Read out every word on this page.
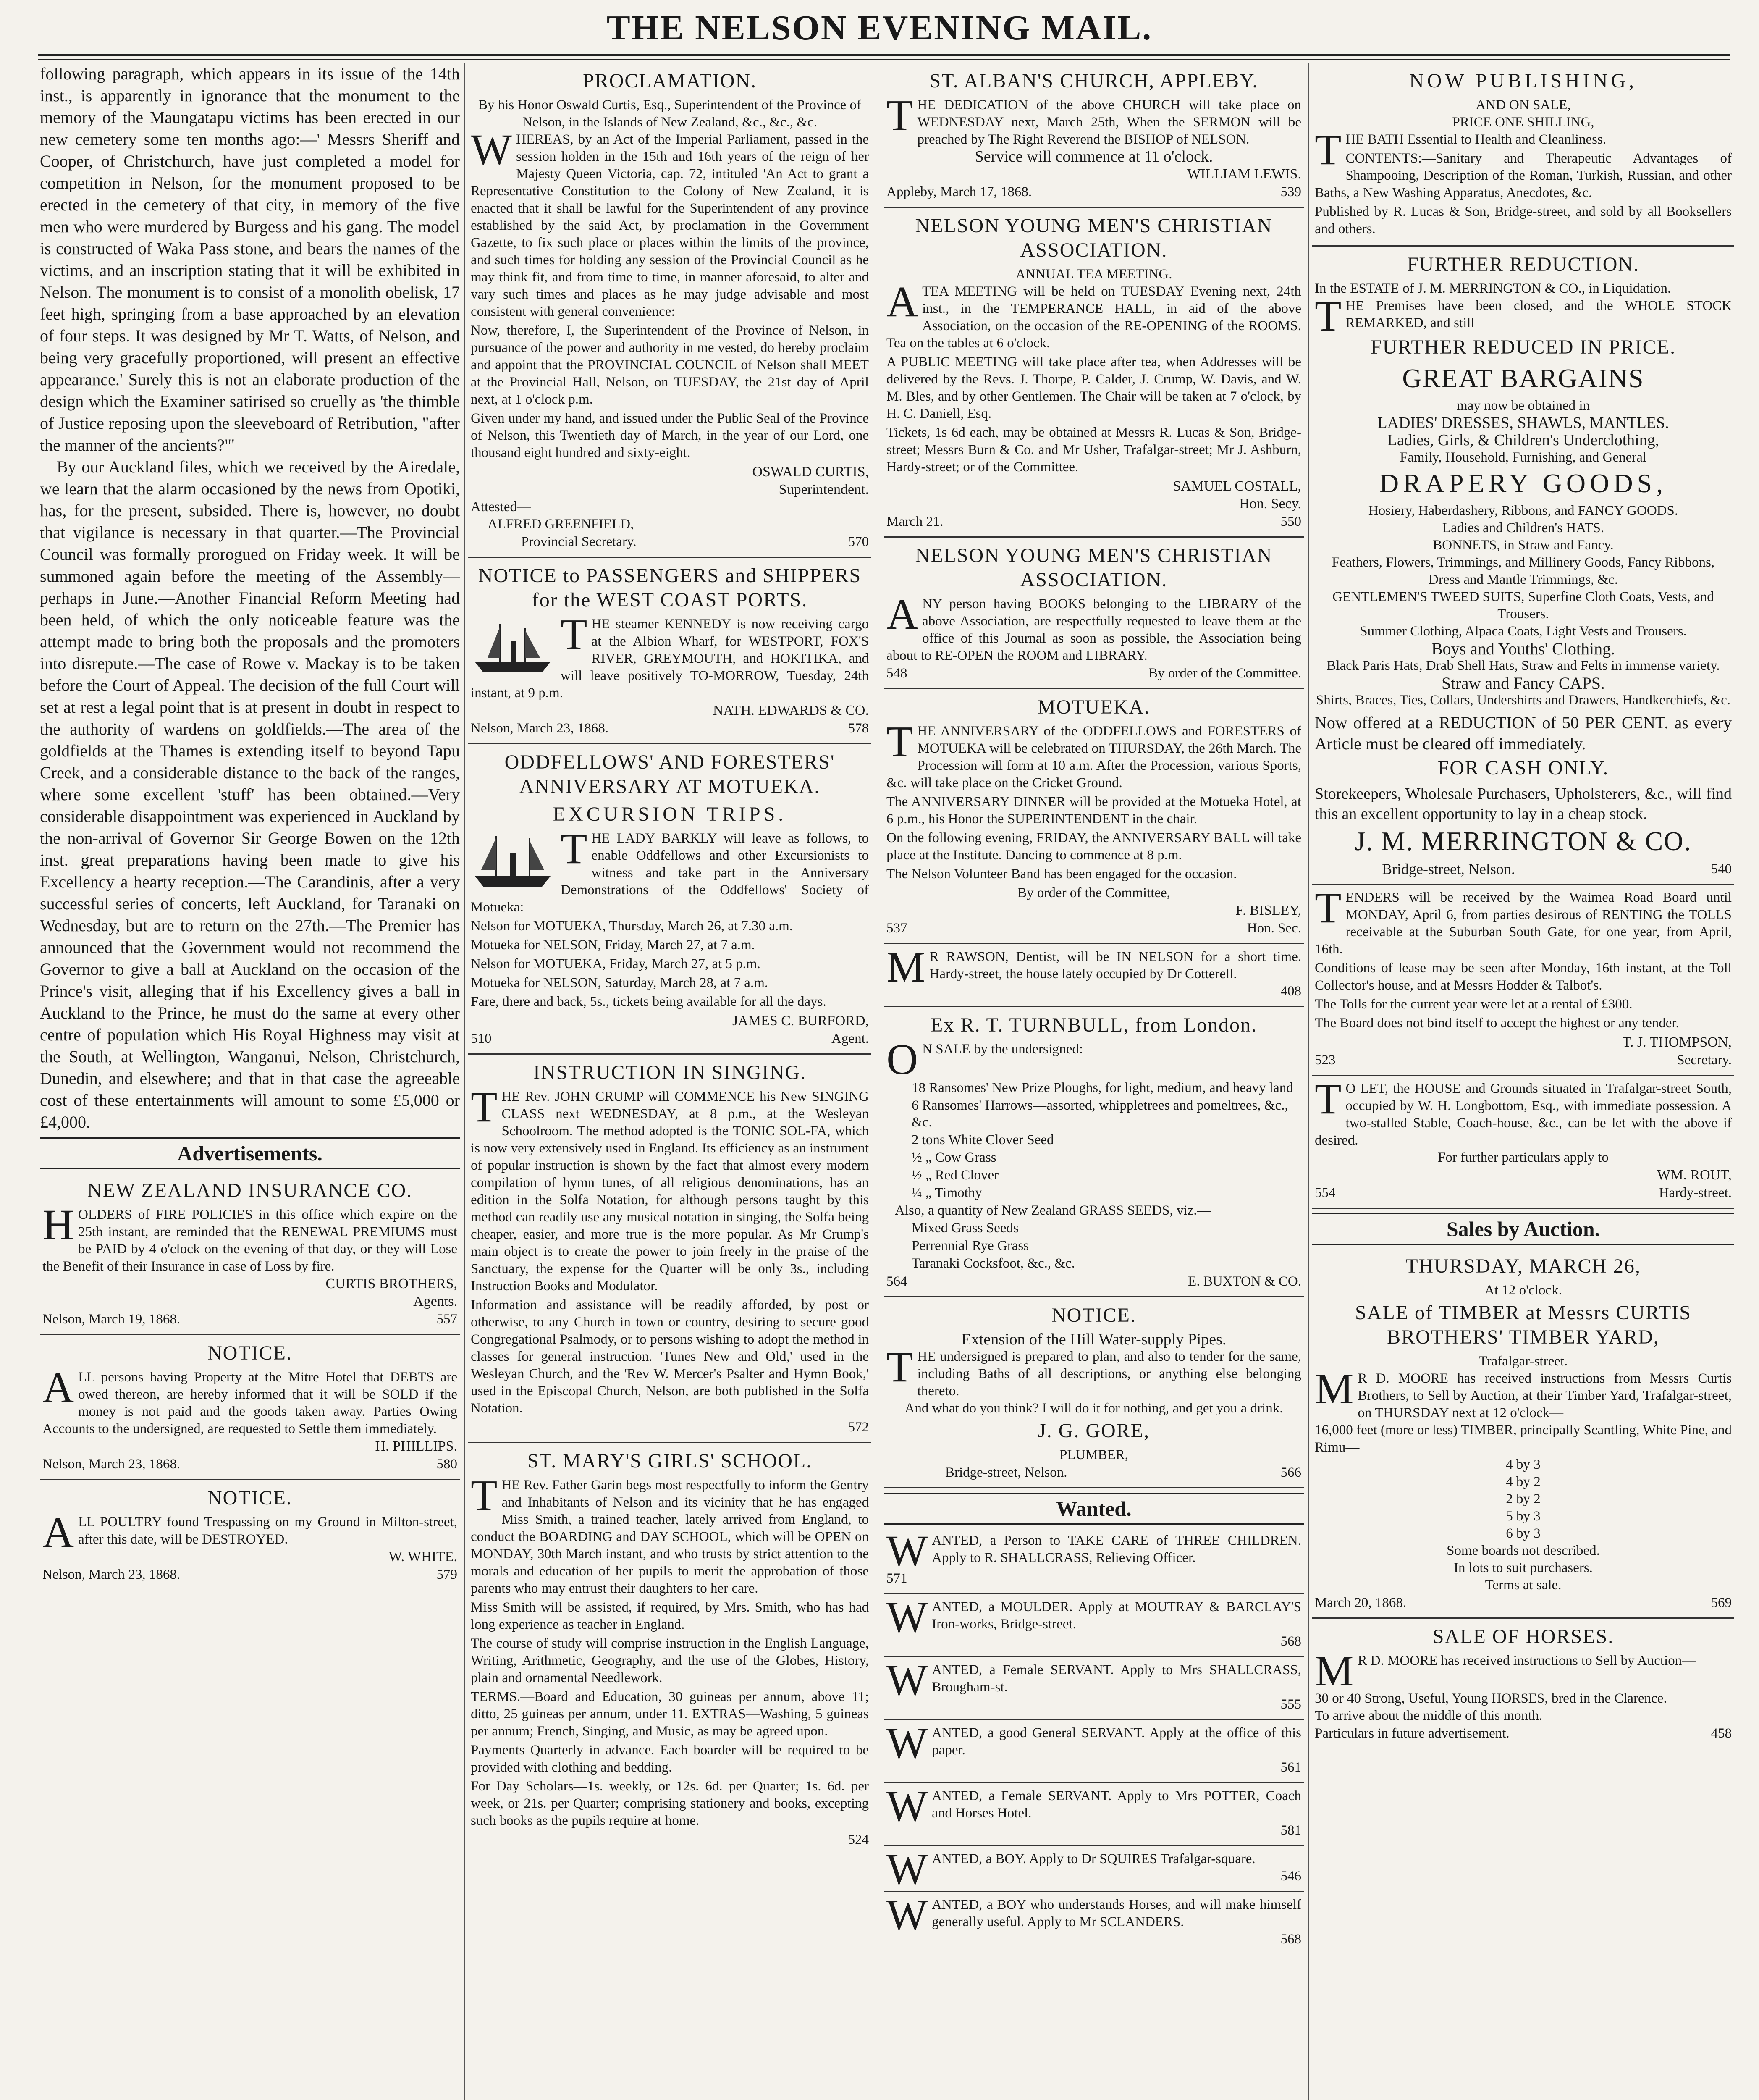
THE NELSON EVENING MAIL.

following paragraph, which appears in its issue of the 14th inst., is apparently in ignorance that the monument to the memory of the Maungatapu victims has been erected in our new cemetery some ten months ago:—' Messrs Sheriff and Cooper, of Christchurch, have just completed a model for competition in Nelson, for the monument proposed to be erected in the cemetery of that city, in memory of the five men who were murdered by Burgess and his gang. The model is constructed of Waka Pass stone, and bears the names of the victims, and an inscription stating that it will be exhibited in Nelson. The monument is to consist of a monolith obelisk, 17 feet high, springing from a base approached by an elevation of four steps. It was designed by Mr T. Watts, of Nelson, and being very gracefully proportioned, will present an effective appearance.' Surely this is not an elaborate production of the design which the Examiner satirised so cruelly as 'the thimble of Justice reposing upon the sleeveboard of Retribution, "after the manner of the ancients?"'

By our Auckland files, which we received by the Airedale, we learn that the alarm occasioned by the news from Opotiki, has, for the present, subsided. There is, however, no doubt that vigilance is necessary in that quarter.—The Provincial Council was formally prorogued on Friday week. It will be summoned again before the meeting of the Assembly—perhaps in June.—Another Financial Reform Meeting had been held, of which the only noticeable feature was the attempt made to bring both the proposals and the promoters into disrepute.—The case of Rowe v. Mackay is to be taken before the Court of Appeal. The decision of the full Court will set at rest a legal point that is at present in doubt in respect to the authority of wardens on goldfields.—The area of the goldfields at the Thames is extending itself to beyond Tapu Creek, and a considerable distance to the back of the ranges, where some excellent 'stuff' has been obtained.—Very considerable disappointment was experienced in Auckland by the non-arrival of Governor Sir George Bowen on the 12th inst. great preparations having been made to give his Excellency a hearty reception.—The Carandinis, after a very successful series of concerts, left Auckland, for Taranaki on Wednesday, but are to return on the 27th.—The Premier has announced that the Government would not recommend the Governor to give a ball at Auckland on the occasion of the Prince's visit, alleging that if his Excellency gives a ball in Auckland to the Prince, he must do the same at every other centre of population which His Royal Highness may visit at the South, at Wellington, Wanganui, Nelson, Christchurch, Dunedin, and elsewhere; and that in that case the agreeable cost of these entertainments will amount to some £5,000 or £4,000.

Advertisements.
NEW ZEALAND INSURANCE CO.
HOLDERS of FIRE POLICIES in this office which expire on the 25th instant, are reminded that the RENEWAL PREMIUMS must be PAID by 4 o'clock on the evening of that day, or they will Lose the Benefit of their Insurance in case of Loss by fire.
CURTIS BROTHERS,
Agents.
Nelson, March 19, 1868.	557
NOTICE.
ALL persons having Property at the Mitre Hotel that DEBTS are owed thereon, are hereby informed that it will be SOLD if the money is not paid and the goods taken away. Parties Owing Accounts to the undersigned, are requested to Settle them immediately.
H. PHILLIPS.
Nelson, March 23, 1868.	580
NOTICE.
ALL POULTRY found Trespassing on my Ground in Milton-street, after this date, will be DESTROYED.
W. WHITE.
Nelson, March 23, 1868.	579
PROCLAMATION.
By his Honor Oswald Curtis, Esq., Superintendent of the Province of Nelson, in the Islands of New Zealand, &c., &c., &c.
WHEREAS, by an Act of the Imperial Parliament, passed in the session holden in the 15th and 16th years of the reign of her Majesty Queen Victoria, cap. 72, intituled 'An Act to grant a Representative Constitution to the Colony of New Zealand, it is enacted that it shall be lawful for the Superintendent of any province established by the said Act, by proclamation in the Government Gazette, to fix such place or places within the limits of the province, and such times for holding any session of the Provincial Council as he may think fit, and from time to time, in manner aforesaid, to alter and vary such times and places as he may judge advisable and most consistent with general convenience:

Now, therefore, I, the Superintendent of the Province of Nelson, in pursuance of the power and authority in me vested, do hereby proclaim and appoint that the PROVINCIAL COUNCIL of Nelson shall MEET at the Provincial Hall, Nelson, on TUESDAY, the 21st day of April next, at 1 o'clock p.m.

Given under my hand, and issued under the Public Seal of the Province of Nelson, this Twentieth day of March, in the year of our Lord, one thousand eight hundred and sixty-eight.

OSWALD CURTIS,
Superintendent.
Attested—
ALFRED GREENFIELD,
Provincial Secretary.	570
NOTICE to PASSENGERS and SHIPPERS for the WEST COAST PORTS.
THE steamer KENNEDY is now receiving cargo at the Albion Wharf, for WESTPORT, FOX'S RIVER, GREYMOUTH, and HOKITIKA, and will leave positively TO-MORROW, Tuesday, 24th instant, at 9 p.m.
NATH. EDWARDS & CO.
Nelson, March 23, 1868.	578
ODDFELLOWS' AND FORESTERS' ANNIVERSARY AT MOTUEKA.
EXCURSION TRIPS.
THE LADY BARKLY will leave as follows, to enable Oddfellows and other Excursionists to witness and take part in the Anniversary Demonstrations of the Oddfellows' Society of Motueka:—

Nelson for MOTUEKA, Thursday, March 26, at 7.30 a.m.

Motueka for NELSON, Friday, March 27, at 7 a.m.

Nelson for MOTUEKA, Friday, March 27, at 5 p.m.

Motueka for NELSON, Saturday, March 28, at 7 a.m.

Fare, there and back, 5s., tickets being available for all the days.

JAMES C. BURFORD,
510	Agent.
INSTRUCTION IN SINGING.
THE Rev. JOHN CRUMP will COMMENCE his New SINGING CLASS next WEDNESDAY, at 8 p.m., at the Wesleyan Schoolroom. The method adopted is the TONIC SOL-FA, which is now very extensively used in England. Its efficiency as an instrument of popular instruction is shown by the fact that almost every modern compilation of hymn tunes, of all religious denominations, has an edition in the Solfa Notation, for although persons taught by this method can readily use any musical notation in singing, the Solfa being cheaper, easier, and more true is the more popular. As Mr Crump's main object is to create the power to join freely in the praise of the Sanctuary, the expense for the Quarter will be only 3s., including Instruction Books and Modulator.

Information and assistance will be readily afforded, by post or otherwise, to any Church in town or country, desiring to secure good Congregational Psalmody, or to persons wishing to adopt the method in classes for general instruction. 'Tunes New and Old,' used in the Wesleyan Church, and the 'Rev W. Mercer's Psalter and Hymn Book,' used in the Episcopal Church, Nelson, are both published in the Solfa Notation.

572
ST. MARY'S GIRLS' SCHOOL.
THE Rev. Father Garin begs most respectfully to inform the Gentry and Inhabitants of Nelson and its vicinity that he has engaged Miss Smith, a trained teacher, lately arrived from England, to conduct the BOARDING and DAY SCHOOL, which will be OPEN on MONDAY, 30th March instant, and who trusts by strict attention to the morals and education of her pupils to merit the approbation of those parents who may entrust their daughters to her care.

Miss Smith will be assisted, if required, by Mrs. Smith, who has had long experience as teacher in England.

The course of study will comprise instruction in the English Language, Writing, Arithmetic, Geography, and the use of the Globes, History, plain and ornamental Needlework.

TERMS.—Board and Education, 30 guineas per annum, above 11; ditto, 25 guineas per annum, under 11. EXTRAS—Washing, 5 guineas per annum; French, Singing, and Music, as may be agreed upon.

Payments Quarterly in advance. Each boarder will be required to be provided with clothing and bedding.

For Day Scholars—1s. weekly, or 12s. 6d. per Quarter; 1s. 6d. per week, or 21s. per Quarter; comprising stationery and books, excepting such books as the pupils require at home.

524
ST. ALBAN'S CHURCH, APPLEBY.
THE DEDICATION of the above CHURCH will take place on WEDNESDAY next, March 25th, When the SERMON will be preached by The Right Reverend the BISHOP of NELSON.
Service will commence at 11 o'clock.
WILLIAM LEWIS.
Appleby, March 17, 1868.	539
NELSON YOUNG MEN'S CHRISTIAN ASSOCIATION.
ANNUAL TEA MEETING.
ATEA MEETING will be held on TUESDAY Evening next, 24th inst., in the TEMPERANCE HALL, in aid of the above Association, on the occasion of the RE-OPENING of the ROOMS. Tea on the tables at 6 o'clock.

A PUBLIC MEETING will take place after tea, when Addresses will be delivered by the Revs. J. Thorpe, P. Calder, J. Crump, W. Davis, and W. M. Bles, and by other Gentlemen. The Chair will be taken at 7 o'clock, by H. C. Daniell, Esq.

Tickets, 1s 6d each, may be obtained at Messrs R. Lucas & Son, Bridge-street; Messrs Burn & Co. and Mr Usher, Trafalgar-street; Mr J. Ashburn, Hardy-street; or of the Committee.

SAMUEL COSTALL,
Hon. Secy.
March 21.	550
NELSON YOUNG MEN'S CHRISTIAN ASSOCIATION.
ANY person having BOOKS belonging to the LIBRARY of the above Association, are respectfully requested to leave them at the office of this Journal as soon as possible, the Association being about to RE-OPEN the ROOM and LIBRARY.
548	By order of the Committee.
MOTUEKA.
THE ANNIVERSARY of the ODDFELLOWS and FORESTERS of MOTUEKA will be celebrated on THURSDAY, the 26th March. The Procession will form at 10 a.m. After the Procession, various Sports, &c. will take place on the Cricket Ground.

The ANNIVERSARY DINNER will be provided at the Motueka Hotel, at 6 p.m., his Honor the SUPERINTENDENT in the chair.

On the following evening, FRIDAY, the ANNIVERSARY BALL will take place at the Institute. Dancing to commence at 8 p.m.

The Nelson Volunteer Band has been engaged for the occasion.

By order of the Committee,
F. BISLEY,
537	Hon. Sec.
M R RAWSON, Dentist, will be IN NELSON for a short time. Hardy-street, the house lately occupied by Dr Cotterell.
408
Ex R. T. TURNBULL, from London.
O N SALE by the undersigned:—
18 Ransomes' New Prize Ploughs, for light, medium, and heavy land
6 Ransomes' Harrows—assorted, whippletrees and pomeltrees, &c., &c.
2 tons White Clover Seed
½ „ Cow Grass
½ „ Red Clover
¼ „ Timothy
Also, a quantity of New Zealand GRASS SEEDS, viz.—
Mixed Grass Seeds
Perrennial Rye Grass
Taranaki Cocksfoot, &c., &c.
564	E. BUXTON & CO.
NOTICE.
Extension of the Hill Water-supply Pipes.
THE undersigned is prepared to plan, and also to tender for the same, including Baths of all descriptions, or anything else belonging thereto.
And what do you think? I will do it for nothing, and get you a drink.
J. G. GORE,
PLUMBER,
Bridge-street, Nelson.	566
Wanted.
WANTED, a Person to TAKE CARE of THREE CHILDREN. Apply to R. SHALLCRASS, Relieving Officer.
571
WANTED, a MOULDER. Apply at MOUTRAY & BARCLAY'S Iron-works, Bridge-street.
568
WANTED, a Female SERVANT. Apply to Mrs SHALLCRASS, Brougham-st.
555
WANTED, a good General SERVANT. Apply at the office of this paper.
561
WANTED, a Female SERVANT. Apply to Mrs POTTER, Coach and Horses Hotel.
581
WANTED, a BOY. Apply to Dr SQUIRES Trafalgar-square.
546
WANTED, a BOY who understands Horses, and will make himself generally useful. Apply to Mr SCLANDERS.
568
NOW PUBLISHING,
AND ON SALE,
PRICE ONE SHILLING,
THE BATH Essential to Health and Cleanliness.

CONTENTS:—Sanitary and Therapeutic Advantages of Shampooing, Description of the Roman, Turkish, Russian, and other Baths, a New Washing Apparatus, Anecdotes, &c.

Published by R. Lucas & Son, Bridge-street, and sold by all Booksellers and others.

FURTHER REDUCTION.
In the ESTATE of J. M. MERRINGTON & CO., in Liquidation.
THE Premises have been closed, and the WHOLE STOCK REMARKED, and still
FURTHER REDUCED IN PRICE.
GREAT BARGAINS
may now be obtained in
LADIES' DRESSES, SHAWLS, MANTLES.
Ladies, Girls, & Children's Underclothing,
Family, Household, Furnishing, and General
DRAPERY GOODS,
Hosiery, Haberdashery, Ribbons, and FANCY GOODS.
Ladies and Children's HATS.
BONNETS, in Straw and Fancy.
Feathers, Flowers, Trimmings, and Millinery Goods, Fancy Ribbons, Dress and Mantle Trimmings, &c.
GENTLEMEN'S TWEED SUITS, Superfine Cloth Coats, Vests, and Trousers.
Summer Clothing, Alpaca Coats, Light Vests and Trousers.
Boys and Youths' Clothing.
Black Paris Hats, Drab Shell Hats, Straw and Felts in immense variety.
Straw and Fancy CAPS.
Shirts, Braces, Ties, Collars, Undershirts and Drawers, Handkerchiefs, &c.
Now offered at a REDUCTION of 50 PER CENT. as every Article must be cleared off immediately.
FOR CASH ONLY.
Storekeepers, Wholesale Purchasers, Upholsterers, &c., will find this an excellent opportunity to lay in a cheap stock.
J. M. MERRINGTON & CO.
Bridge-street, Nelson.	540
TENDERS will be received by the Waimea Road Board until MONDAY, April 6, from parties desirous of RENTING the TOLLS receivable at the Suburban South Gate, for one year, from April, 16th.

Conditions of lease may be seen after Monday, 16th instant, at the Toll Collector's house, and at Messrs Hodder & Talbot's.

The Tolls for the current year were let at a rental of £300.

The Board does not bind itself to accept the highest or any tender.

T. J. THOMPSON,
523	Secretary.
T O LET, the HOUSE and Grounds situated in Trafalgar-street South, occupied by W. H. Longbottom, Esq., with immediate possession. A two-stalled Stable, Coach-house, &c., can be let with the above if desired.
For further particulars apply to
WM. ROUT,
554	Hardy-street.
Sales by Auction.
THURSDAY, MARCH 26,
At 12 o'clock.
SALE of TIMBER at Messrs CURTIS BROTHERS' TIMBER YARD,
Trafalgar-street.
M R D. MOORE has received instructions from Messrs Curtis Brothers, to Sell by Auction, at their Timber Yard, Trafalgar-street, on THURSDAY next at 12 o'clock—
16,000 feet (more or less) TIMBER, principally Scantling, White Pine, and Rimu—
4 by 3
4 by 2
2 by 2
5 by 3
6 by 3
Some boards not described.
In lots to suit purchasers.
Terms at sale.
March 20, 1868.	569
SALE OF HORSES.
M R D. MOORE has received instructions to Sell by Auction—
30 or 40 Strong, Useful, Young HORSES, bred in the Clarence.
To arrive about the middle of this month.
Particulars in future advertisement.	458
